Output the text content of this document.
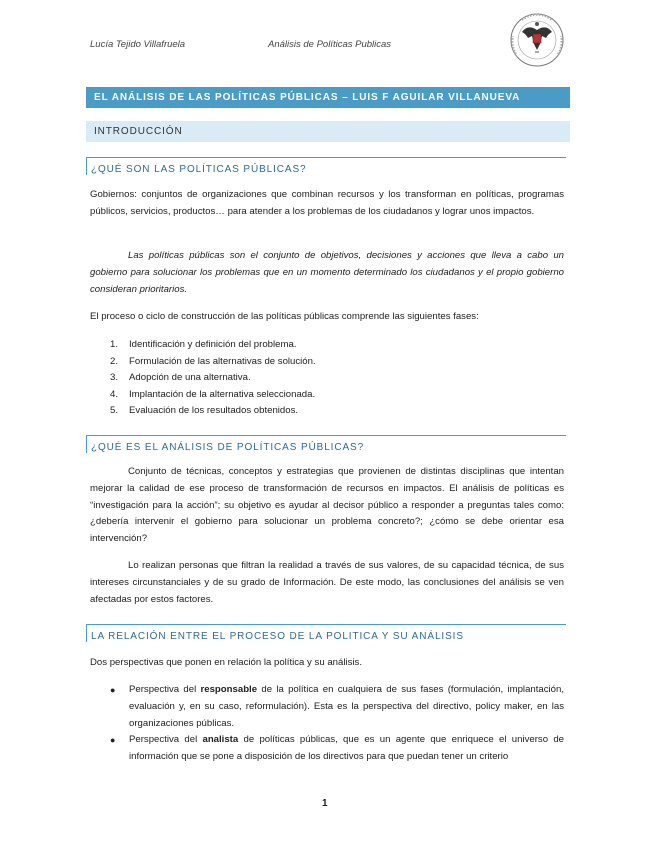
Lucía Tejido Villafruela	Análisis de Políticas Publicas
EL ANÁLISIS DE LAS POLÍTICAS PÚBLICAS – LUIS F AGUILAR VILLANUEVA
INTRODUCCIÓN
¿QUÉ SON LAS POLÍTICAS PÚBLICAS?

Gobiernos: conjuntos de organizaciones que combinan recursos y los transforman en políticas, programas públicos, servicios, productos… para atender a los problemas de los ciudadanos y lograr unos impactos.

Las políticas públicas son el conjunto de objetivos, decisiones y acciones que lleva a cabo un gobierno para solucionar los problemas que en un momento determinado los ciudadanos y el propio gobierno consideran prioritarios.

El proceso o ciclo de construcción de las políticas públicas comprende las siguientes fases:

1.	Identificación y definición del problema.
2.	Formulación de las alternativas de solución.
3.	Adopción de una alternativa.
4.	Implantación de la alternativa seleccionada.
5.	Evaluación de los resultados obtenidos.
¿QUÉ ES EL ANÁLISIS DE POLÍTICAS PÚBLICAS?

Conjunto de técnicas, conceptos y estrategias que provienen de distintas disciplinas que intentan mejorar la calidad de ese proceso de transformación de recursos en impactos. El análisis de políticas es “investigación para la acción”; su objetivo es ayudar al decisor público a responder a preguntas tales como: ¿debería intervenir el gobierno para solucionar un problema concreto?; ¿cómo se debe orientar esa intervención?

Lo realizan personas que filtran la realidad a través de sus valores, de su capacidad técnica, de sus intereses circunstanciales y de su grado de Información. De este modo, las conclusiones del análisis se ven afectadas por estos factores.

LA RELACIÓN ENTRE EL PROCESO DE LA POLITICA Y SU ANÁLISIS

Dos perspectivas que ponen en relación la política y su análisis.

●	Perspectiva del responsable de la política en cualquiera de sus fases (formulación, implantación, evaluación y, en su caso, reformulación). Esta es la perspectiva del directivo, policy maker, en las organizaciones públicas.
●	Perspectiva del analista de políticas públicas, que es un agente que enriquece el universo de información que se pone a disposición de los directivos para que puedan tener un criterio
1
